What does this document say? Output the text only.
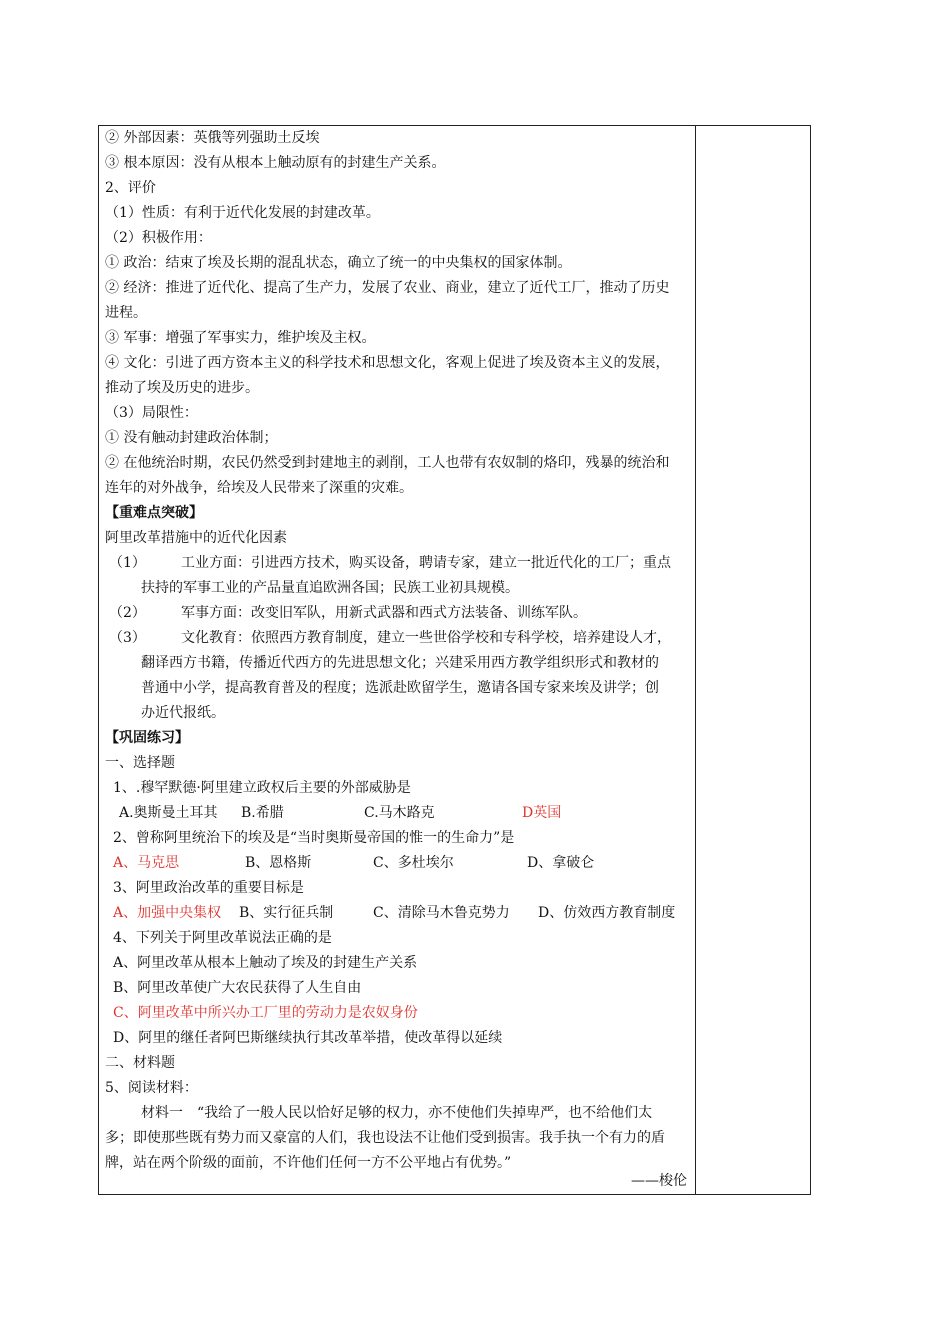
② 外部因素：英俄等列强助土反埃
③ 根本原因：没有从根本上触动原有的封建生产关系。
2、评价
（1）性质：有利于近代化发展的封建改革。
（2）积极作用：
① 政治：结束了埃及长期的混乱状态，确立了统一的中央集权的国家体制。
② 经济：推进了近代化、提高了生产力，发展了农业、商业，建立了近代工厂，推动了历史
进程。
③ 军事：增强了军事实力，维护埃及主权。
④ 文化：引进了西方资本主义的科学技术和思想文化，客观上促进了埃及资本主义的发展，
推动了埃及历史的进步。
（3）局限性：
① 没有触动封建政治体制；
② 在他统治时期，农民仍然受到封建地主的剥削，工人也带有农奴制的烙印，残暴的统治和
连年的对外战争，给埃及人民带来了深重的灾难。
【重难点突破】
阿里改革措施中的近代化因素
（1）	工业方面：引进西方技术，购买设备，聘请专家，建立一批近代化的工厂；重点
扶持的军事工业的产品量直追欧洲各国；民族工业初具规模。
（2）	军事方面：改变旧军队，用新式武器和西式方法装备、训练军队。
（3）	文化教育：依照西方教育制度，建立一些世俗学校和专科学校，培养建设人才，
翻译西方书籍，传播近代西方的先进思想文化；兴建采用西方教学组织形式和教材的
普通中小学，提高教育普及的程度；选派赴欧留学生，邀请各国专家来埃及讲学；创
办近代报纸。
【巩固练习】
一、选择题
1、.穆罕默德·阿里建立政权后主要的外部威胁是
A.奥斯曼土耳其 B.希腊	C.马木路克	D英国
2、曾称阿里统治下的埃及是“当时奥斯曼帝国的惟一的生命力”是
A、马克思	B、恩格斯	C、多杜埃尔	D、拿破仑
3、阿里政治改革的重要目标是
A、加强中央集权 B、实行征兵制	C、清除马木鲁克势力 D、仿效西方教育制度
4、下列关于阿里改革说法正确的是
A、阿里改革从根本上触动了埃及的封建生产关系
B、阿里改革使广大农民获得了人生自由
C、阿里改革中所兴办工厂里的劳动力是农奴身份
D、阿里的继任者阿巴斯继续执行其改革举措，使改革得以延续
二、材料题
5、阅读材料：
材料一　“我给了一般人民以恰好足够的权力，亦不使他们失掉卑严，也不给他们太
多；即使那些既有势力而又豪富的人们，我也设法不让他们受到损害。我手执一个有力的盾
牌，站在两个阶级的面前，不许他们任何一方不公平地占有优势。”
——梭伦
